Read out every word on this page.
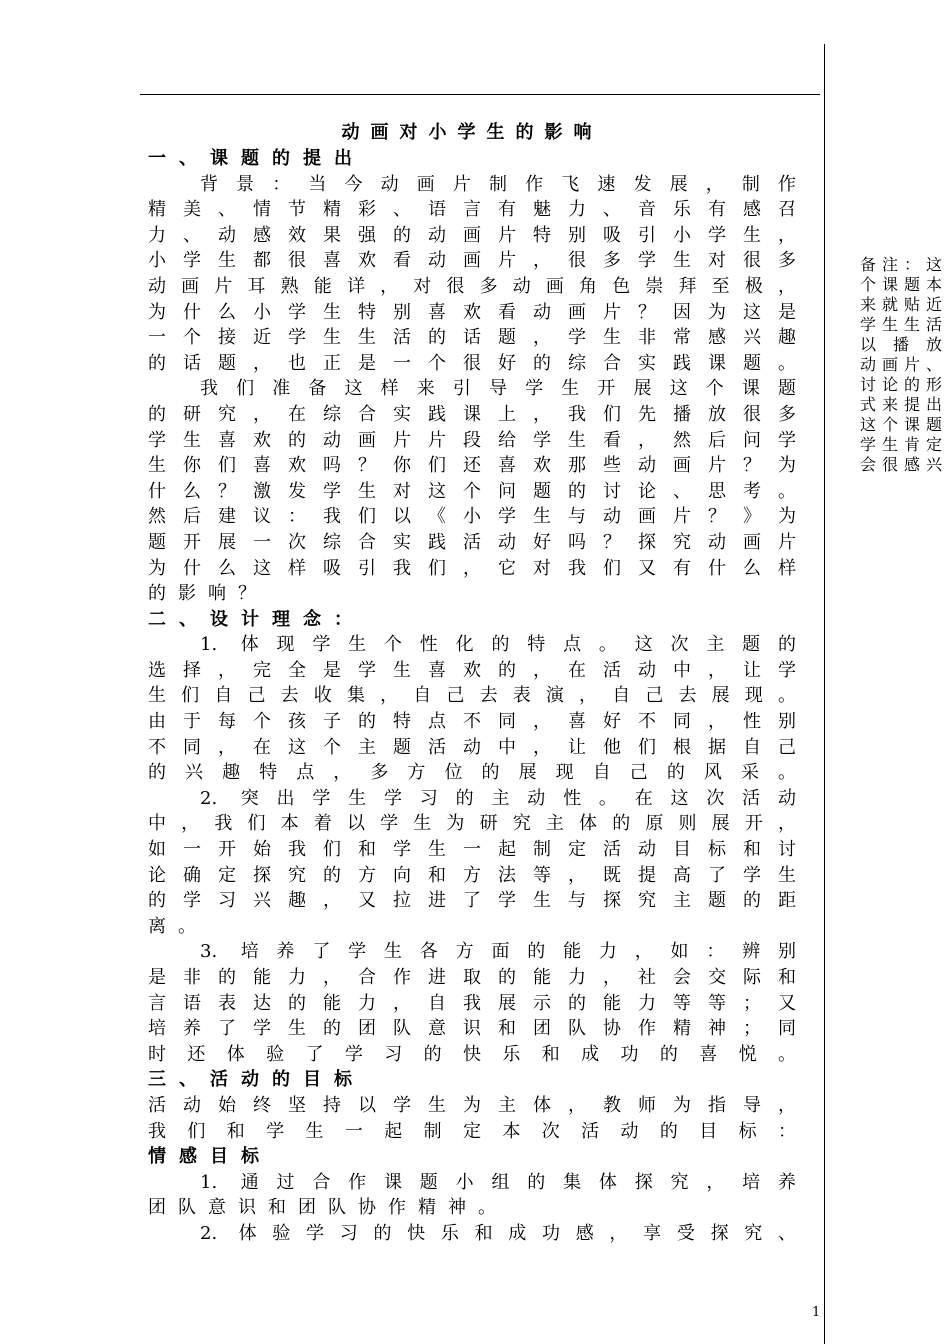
动画对小学生的影响
一、课题的提出
背景：当今动画片制作飞速发展，制作
精美、情节精彩、语言有魅力、音乐有感召
力、动感效果强的动画片特别吸引小学生，
小学生都很喜欢看动画片，很多学生对很多
动画片耳熟能详，对很多动画角色崇拜至极，
为什么小学生特别喜欢看动画片？因为这是
一个接近学生生活的话题，学生非常感兴趣
的话题，也正是一个很好的综合实践课题。
我们准备这样来引导学生开展这个课题
的研究，在综合实践课上，我们先播放很多
学生喜欢的动画片片段给学生看，然后问学
生你们喜欢吗？你们还喜欢那些动画片？为
什么？激发学生对这个问题的讨论、思考。
然后建议：我们以《小学生与动画片？》为
题开展一次综合实践活动好吗？探究动画片
为什么这样吸引我们，它对我们又有什么样
的影响？
二、设计理念：
1. 体现学生个性化的特点。这次主题的
选择，完全是学生喜欢的，在活动中，让学
生们自己去收集，自己去表演，自己去展现。
由于每个孩子的特点不同，喜好不同，性别
不同，在这个主题活动中，让他们根据自己
的兴趣特点，多方位的展现自己的风采。
2. 突出学生学习的主动性。在这次活动
中，我们本着以学生为研究主体的原则展开，
如一开始我们和学生一起制定活动目标和讨
论确定探究的方向和方法等，既提高了学生
的学习兴趣，又拉进了学生与探究主题的距
离。
3. 培养了学生各方面的能力，如：辨别
是非的能力，合作进取的能力，社会交际和
言语表达的能力，自我展示的能力等等；又
培养了学生的团队意识和团队协作精神；同
时还体验了学习的快乐和成功的喜悦。
三、活动的目标
活动始终坚持以学生为主体，教师为指导，
我们和学生一起制定本次活动的目标：
情感目标
1. 通过合作课题小组的集体探究，培养
团队意识和团队协作精神。
2. 体验学习的快乐和成功感，享受探究、
备注：这
个课题本
来就贴近
学生生活
以播放
动画片、
讨论的形
式来提出
这个课题
学生肯定
会很感兴
1
